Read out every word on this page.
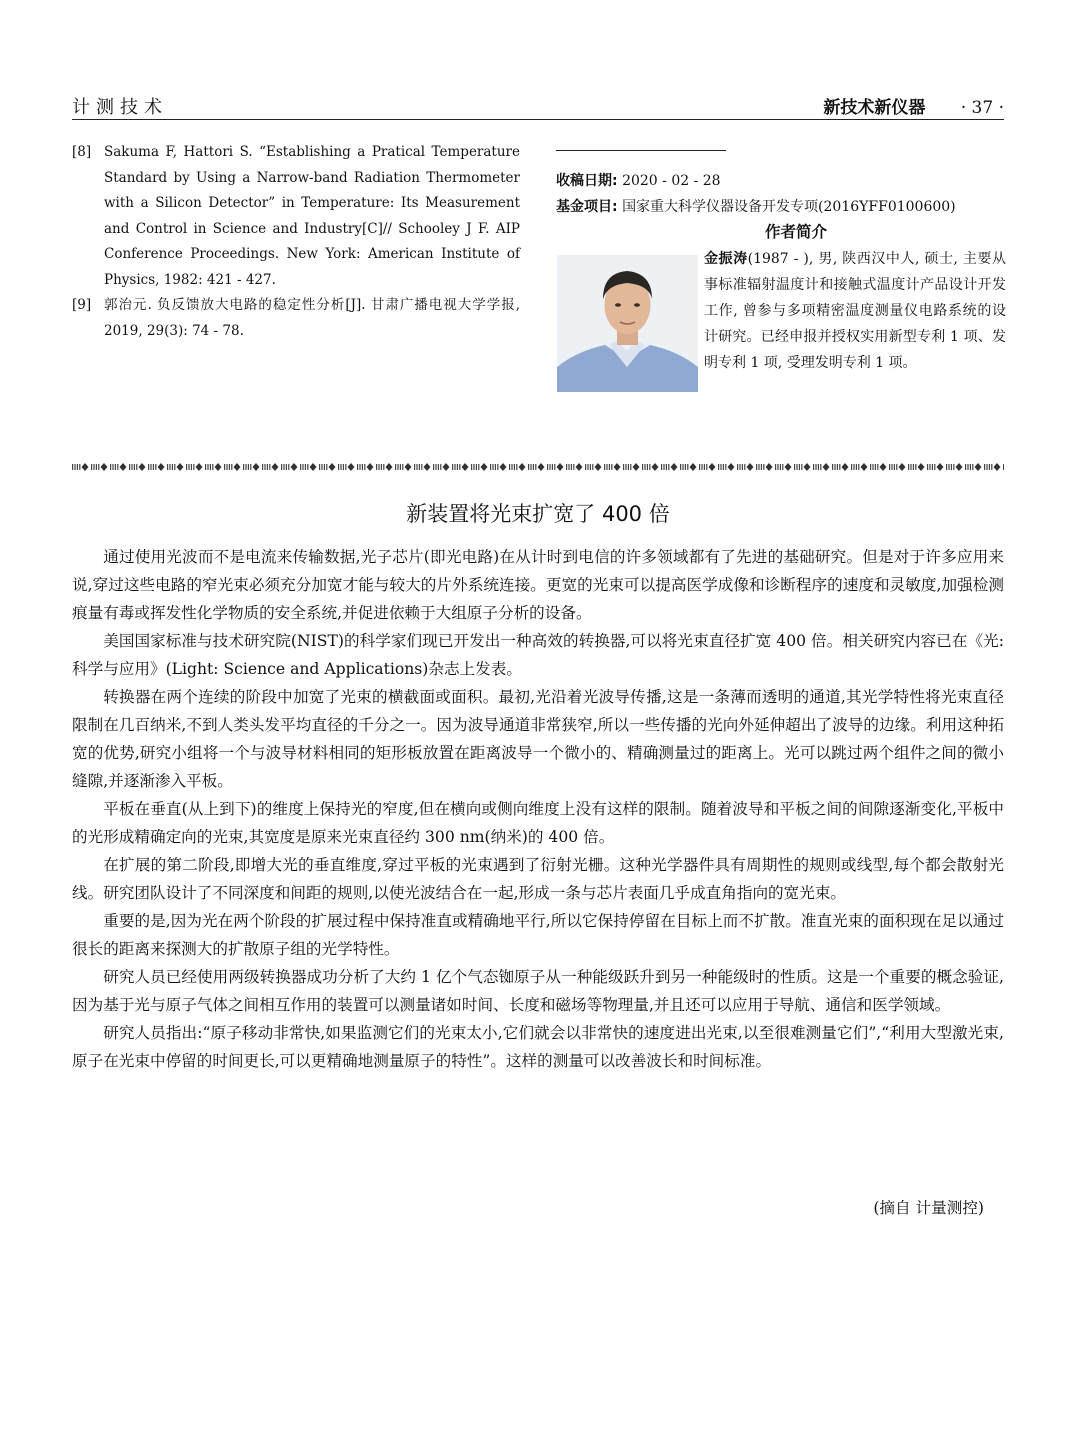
计测技术	新技术新仪器 · 37 ·

[8] Sakuma F, Hattori S. “Establishing a Pratical Temperature Standard by Using a Narrow-band Radiation Thermometer with a Silicon Detector” in Temperature: Its Measurement and Control in Science and Industry[C]// Schooley J F. AIP Conference Proceedings. New York: American Institute of Physics, 1982: 421 - 427.

[9] 郭治元. 负反馈放大电路的稳定性分析[J]. 甘肃广播电视大学学报, 2019, 29(3): 74 - 78.

收稿日期: 2020 - 02 - 28
基金项目: 国家重大科学仪器设备开发专项(2016YFF0100600)
作者简介
金振涛(1987 - ), 男, 陕西汉中人, 硕士, 主要从事标准辐射温度计和接触式温度计产品设计开发工作, 曾参与多项精密温度测量仪电路系统的设计研究。已经申报并授权实用新型专利 1 项、发明专利 1 项, 受理发明专利 1 项。
新装置将光束扩宽了 400 倍

通过使用光波而不是电流来传输数据,光子芯片(即光电路)在从计时到电信的许多领域都有了先进的基础研究。但是对于许多应用来说,穿过这些电路的窄光束必须充分加宽才能与较大的片外系统连接。更宽的光束可以提高医学成像和诊断程序的速度和灵敏度,加强检测痕量有毒或挥发性化学物质的安全系统,并促进依赖于大组原子分析的设备。

美国国家标准与技术研究院(NIST)的科学家们现已开发出一种高效的转换器,可以将光束直径扩宽 400 倍。相关研究内容已在《光:科学与应用》(Light: Science and Applications)杂志上发表。

转换器在两个连续的阶段中加宽了光束的横截面或面积。最初,光沿着光波导传播,这是一条薄而透明的通道,其光学特性将光束直径限制在几百纳米,不到人类头发平均直径的千分之一。因为波导通道非常狭窄,所以一些传播的光向外延伸超出了波导的边缘。利用这种拓宽的优势,研究小组将一个与波导材料相同的矩形板放置在距离波导一个微小的、精确测量过的距离上。光可以跳过两个组件之间的微小缝隙,并逐渐渗入平板。

平板在垂直(从上到下)的维度上保持光的窄度,但在横向或侧向维度上没有这样的限制。随着波导和平板之间的间隙逐渐变化,平板中的光形成精确定向的光束,其宽度是原来光束直径约 300 nm(纳米)的 400 倍。

在扩展的第二阶段,即增大光的垂直维度,穿过平板的光束遇到了衍射光栅。这种光学器件具有周期性的规则或线型,每个都会散射光线。研究团队设计了不同深度和间距的规则,以使光波结合在一起,形成一条与芯片表面几乎成直角指向的宽光束。

重要的是,因为光在两个阶段的扩展过程中保持准直或精确地平行,所以它保持停留在目标上而不扩散。准直光束的面积现在足以通过很长的距离来探测大的扩散原子组的光学特性。

研究人员已经使用两级转换器成功分析了大约 1 亿个气态铷原子从一种能级跃升到另一种能级时的性质。这是一个重要的概念验证,因为基于光与原子气体之间相互作用的装置可以测量诸如时间、长度和磁场等物理量,并且还可以应用于导航、通信和医学领域。

研究人员指出:“原子移动非常快,如果监测它们的光束太小,它们就会以非常快的速度进出光束,以至很难测量它们”,“利用大型激光束,原子在光束中停留的时间更长,可以更精确地测量原子的特性”。这样的测量可以改善波长和时间标准。

(摘自 计量测控)
